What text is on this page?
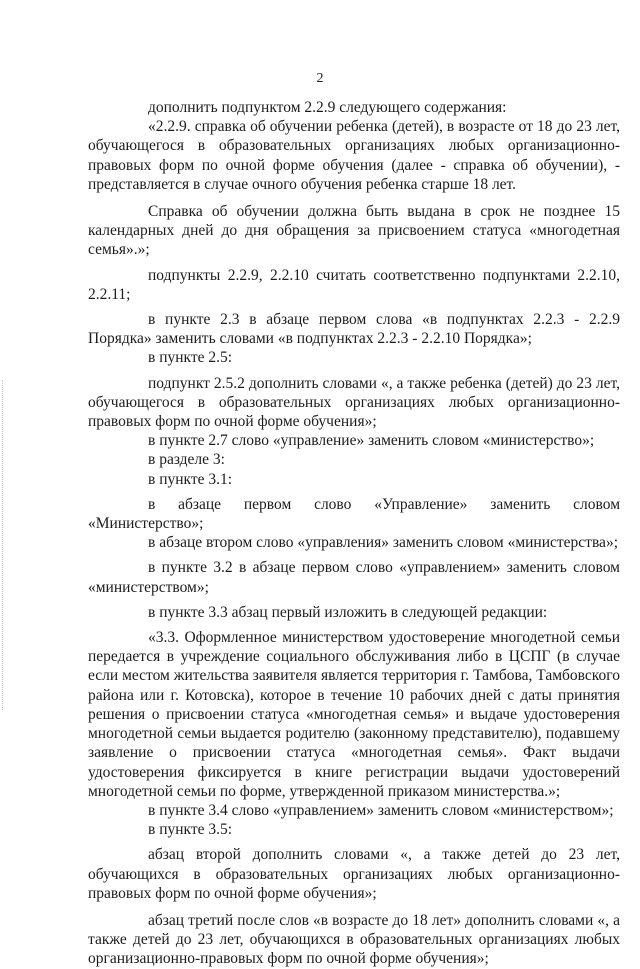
2

дополнить подпунктом 2.2.9 следующего содержания:

«2.2.9. справка об обучении ребенка (детей), в возрасте от 18 до 23 лет, обучающегося в образовательных организациях любых организационно-правовых форм по очной форме обучения (далее - справка об обучении), - представляется в случае очного обучения ребенка старше 18 лет.

Справка об обучении должна быть выдана в срок не позднее 15 календарных дней до дня обращения за присвоением статуса «многодетная семья».»;

подпункты 2.2.9, 2.2.10 считать соответственно подпунктами 2.2.10, 2.2.11;

в пункте 2.3 в абзаце первом слова «в подпунктах 2.2.3 - 2.2.9 Порядка» заменить словами «в подпунктах 2.2.3 - 2.2.10 Порядка»;

в пункте 2.5:

подпункт 2.5.2 дополнить словами «, а также ребенка (детей) до 23 лет, обучающегося в образовательных организациях любых организационно-правовых форм по очной форме обучения»;

в пункте 2.7 слово «управление» заменить словом «министерство»;

в разделе 3:

в пункте 3.1:

в абзаце первом слово «Управление» заменить словом «Министерство»;

в абзаце втором слово «управления» заменить словом «министерства»;

в пункте 3.2 в абзаце первом слово «управлением» заменить словом «министерством»;

в пункте 3.3 абзац первый изложить в следующей редакции:

«3.3. Оформленное министерством удостоверение многодетной семьи передается в учреждение социального обслуживания либо в ЦСПГ (в случае если местом жительства заявителя является территория г. Тамбова, Тамбовского района или г. Котовска), которое в течение 10 рабочих дней с даты принятия решения о присвоении статуса «многодетная семья» и выдаче удостоверения многодетной семьи выдается родителю (законному представителю), подавшему заявление о присвоении статуса «многодетная семья». Факт выдачи удостоверения фиксируется в книге регистрации выдачи удостоверений многодетной семьи по форме, утвержденной приказом министерства.»;

в пункте 3.4 слово «управлением» заменить словом «министерством»;

в пункте 3.5:

абзац второй дополнить словами «, а также детей до 23 лет, обучающихся в образовательных организациях любых организационно-правовых форм по очной форме обучения»;

абзац третий после слов «в возрасте до 18 лет» дополнить словами «, а также детей до 23 лет, обучающихся в образовательных организациях любых организационно-правовых форм по очной форме обучения»;
